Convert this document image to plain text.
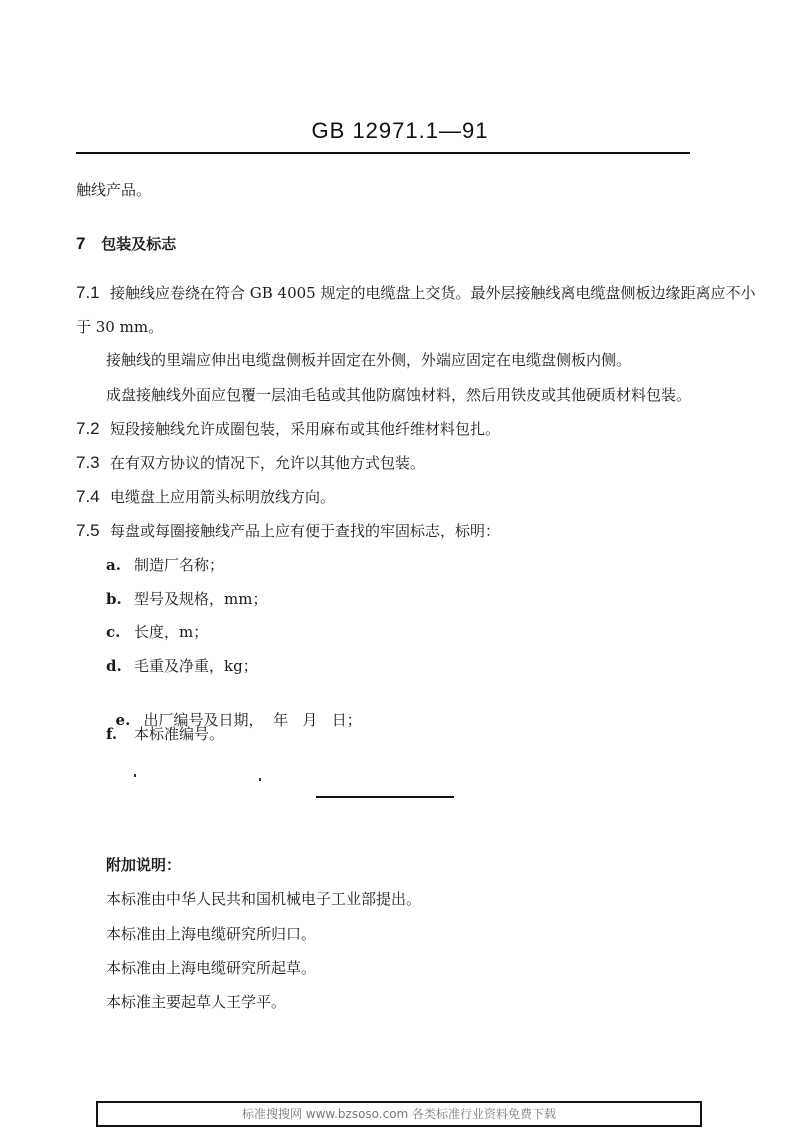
GB 12971.1—91
触线产品。
7 包装及标志
7.1 接触线应卷绕在符合 GB 4005 规定的电缆盘上交货。最外层接触线离电缆盘侧板边缘距离应不小
于 30 mm。
接触线的里端应伸出电缆盘侧板并固定在外侧，外端应固定在电缆盘侧板内侧。
成盘接触线外面应包覆一层油毛毡或其他防腐蚀材料，然后用铁皮或其他硬质材料包装。
7.2 短段接触线允许成圈包装，采用麻布或其他纤维材料包扎。
7.3 在有双方协议的情况下，允许以其他方式包装。
7.4 电缆盘上应用箭头标明放线方向。
7.5 每盘或每圈接触线产品上应有便于查找的牢固标志，标明：
a. 制造厂名称；
b. 型号及规格，mm；
c. 长度，m；
d. 毛重及净重，kg；

e. 出厂编号及日期，  年   月   日；

f. 本标准编号。
附加说明：
本标准由中华人民共和国机械电子工业部提出。
本标准由上海电缆研究所归口。
本标准由上海电缆研究所起草。
本标准主要起草人王学平。
标准搜搜网 www.bzsoso.com 各类标准行业资料免费下载
